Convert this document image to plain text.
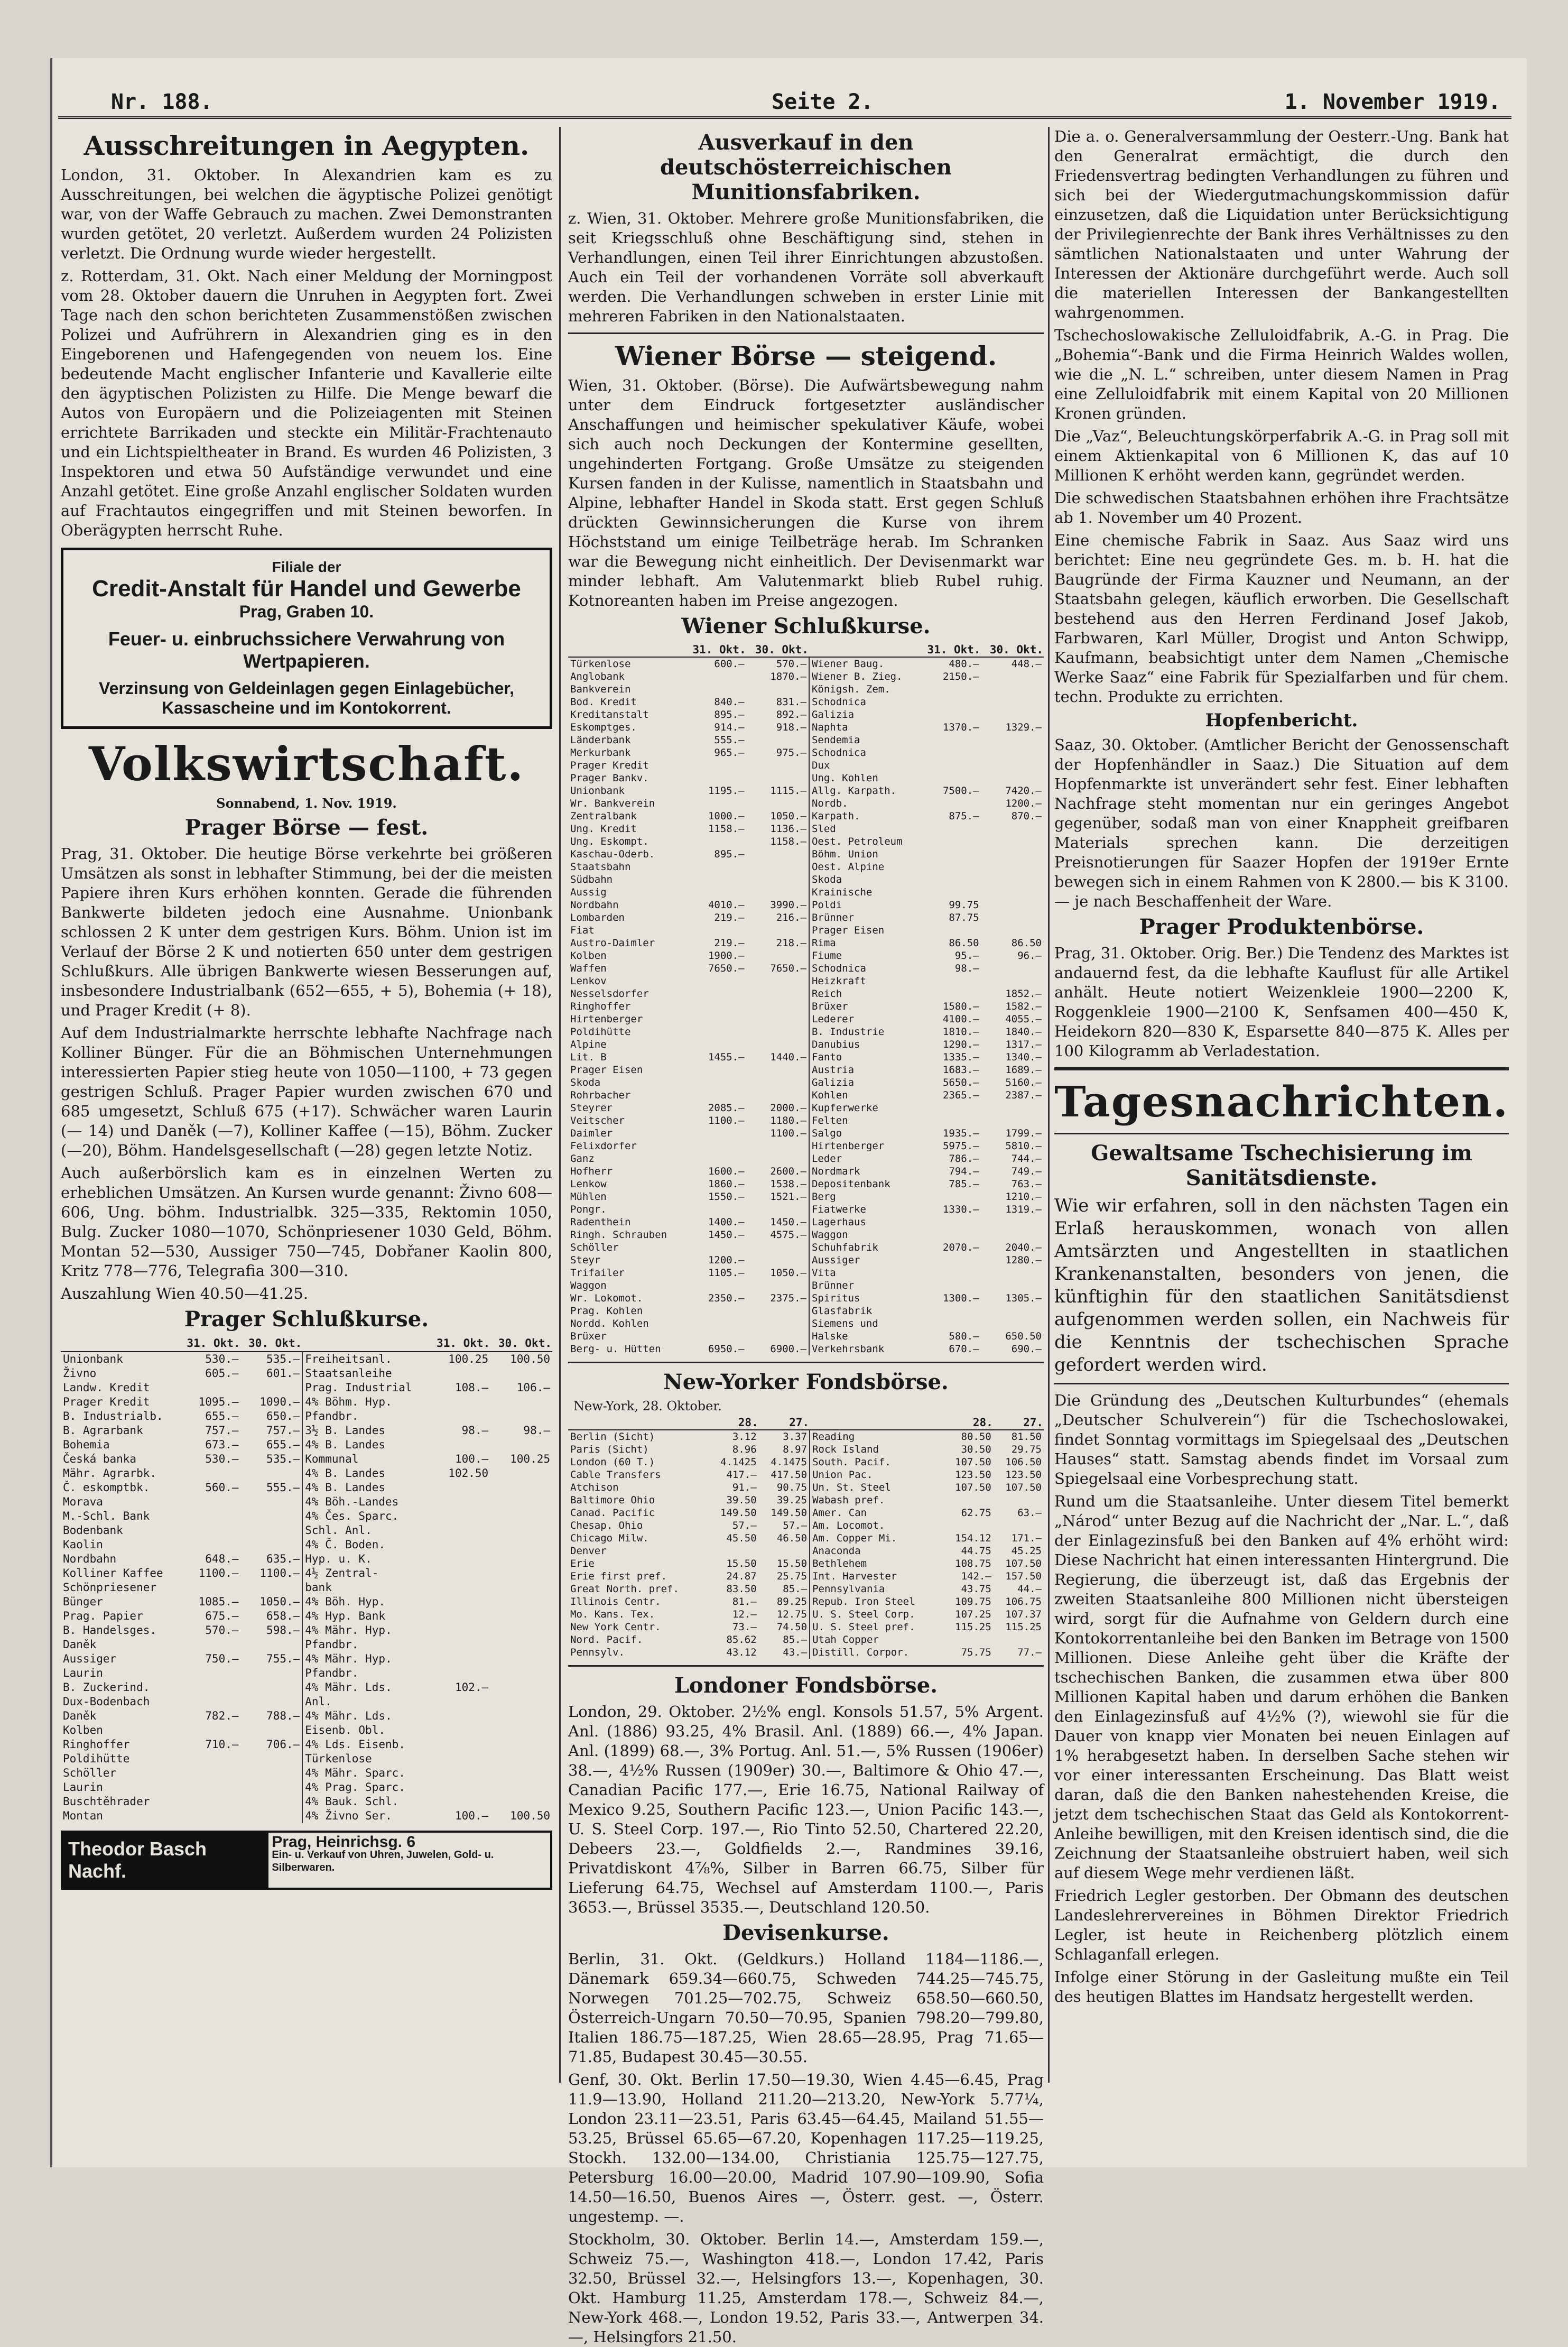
Nr. 188.	Seite 2.	1. November 1919.
Ausschreitungen in Aegypten.

London, 31. Oktober. In Alexandrien kam es zu Ausschreitungen, bei welchen die ägyptische Polizei genötigt war, von der Waffe Gebrauch zu machen. Zwei Demonstranten wurden getötet, 20 verletzt. Außerdem wurden 24 Polizisten verletzt. Die Ordnung wurde wieder hergestellt.

z. Rotterdam, 31. Okt. Nach einer Meldung der Morningpost vom 28. Oktober dauern die Unruhen in Aegypten fort. Zwei Tage nach den schon berichteten Zusammenstößen zwischen Polizei und Aufrührern in Alexandrien ging es in den Eingeborenen und Hafengegenden von neuem los. Eine bedeutende Macht englischer Infanterie und Kavallerie eilte den ägyptischen Polizisten zu Hilfe. Die Menge bewarf die Autos von Europäern und die Polizeiagenten mit Steinen errichtete Barrikaden und steckte ein Militär-Frachtenauto und ein Lichtspieltheater in Brand. Es wurden 46 Polizisten, 3 Inspektoren und etwa 50 Aufständige verwundet und eine Anzahl getötet. Eine große Anzahl englischer Soldaten wurden auf Frachtautos eingegriffen und mit Steinen beworfen. In Oberägypten herrscht Ruhe.

Filiale der
Credit-Anstalt für Handel und Gewerbe
Prag, Graben 10.
Feuer- u. einbruchssichere Verwahrung von Wertpapieren.
Verzinsung von Geldeinlagen gegen Einlagebücher, Kassascheine und im Kontokorrent.
Volkswirtschaft.
Sonnabend, 1. Nov. 1919.
Prager Börse — fest.

Prag, 31. Oktober. Die heutige Börse verkehrte bei größeren Umsätzen als sonst in lebhafter Stimmung, bei der die meisten Papiere ihren Kurs erhöhen konnten. Gerade die führenden Bankwerte bildeten jedoch eine Ausnahme. Unionbank schlossen 2 K unter dem gestrigen Kurs. Böhm. Union ist im Verlauf der Börse 2 K und notierten 650 unter dem gestrigen Schlußkurs. Alle übrigen Bankwerte wiesen Besserungen auf, insbesondere Industrialbank (652—655, + 5), Bohemia (+ 18), und Prager Kredit (+ 8).

Auf dem Industrialmarkte herrschte lebhafte Nachfrage nach Kolliner Bünger. Für die an Böhmischen Unternehmungen interessierten Papier stieg heute von 1050—1100, + 73 gegen gestrigen Schluß. Prager Papier wurden zwischen 670 und 685 umgesetzt, Schluß 675 (+17). Schwächer waren Laurin (— 14) und Daněk (—7), Kolliner Kaffee (—15), Böhm. Zucker (—20), Böhm. Handelsgesellschaft (—28) gegen letzte Notiz.

Auch außerbörslich kam es in einzelnen Werten zu erheblichen Umsätzen. An Kursen wurde genannt: Živno 608—606, Ung. böhm. Industrialbk. 325—335, Rektomin 1050, Bulg. Zucker 1080—1070, Schönpriesener 1030 Geld, Böhm. Montan 52—530, Aussiger 750—745, Dobřaner Kaolin 800, Kritz 778—776, Telegrafia 300—310.

Auszahlung Wien 40.50—41.25.

Prager Schlußkurse.
	31. Okt.	30. Okt.		31. Okt.	30. Okt.
Unionbank	530.—	535.—	Freiheitsanl.	100.25	100.50
Živno	605.—	601.—	Staatsanleihe		
Landw. Kredit			Prag. Industrial	108.—	106.—
Prager Kredit	1095.—	1090.—	4% Böhm. Hyp.		
B. Industrialb.	655.—	650.—	Pfandbr.		
B. Agrarbank	757.—	757.—	3½ B. Landes	98.—	98.—
Bohemia	673.—	655.—	4% B. Landes		
Česká banka	530.—	535.—	Kommunal	100.—	100.25
Mähr. Agrarbk.			4% B. Landes	102.50	
Č. eskomptbk.	560.—	555.—	4% B. Landes		
Morava			4% Böh.-Landes		
M.-Schl. Bank			4% Čes. Sparc.		
Bodenbank			Schl. Anl.		
Kaolin			4% Č. Boden.		
Nordbahn	648.—	635.—	Hyp. u. K.		
Kolliner Kaffee	1100.—	1100.—	4½ Zentral-		
Schönpriesener			bank		
Bünger	1085.—	1050.—	4% Böh. Hyp.		
Prag. Papier	675.—	658.—	4% Hyp. Bank		
B. Handelsges.	570.—	598.—	4% Mähr. Hyp.		
Daněk			Pfandbr.		
Aussiger	750.—	755.—	4% Mähr. Hyp.		
Laurin			Pfandbr.		
B. Zuckerind.			4% Mähr. Lds.	102.—	
Dux-Bodenbach			Anl.		
Daněk	782.—	788.—	4% Mähr. Lds.		
Kolben			Eisenb. Obl.		
Ringhoffer	710.—	706.—	4% Lds. Eisenb.		
Poldihütte			Türkenlose		
Schöller			4% Mähr. Sparc.		
Laurin			4% Prag. Sparc.		
Buschtěhrader			4% Bauk. Schl.		
Montan			4% Živno Ser.	100.—	100.50
Theodor Basch Nachf.
Prag, Heinrichsg. 6
Ein- u. Verkauf von Uhren, Juwelen, Gold- u. Silberwaren.
Ausverkauf in den deutschösterreichischen Munitionsfabriken.

z. Wien, 31. Oktober. Mehrere große Munitionsfabriken, die seit Kriegsschluß ohne Beschäftigung sind, stehen in Verhandlungen, einen Teil ihrer Einrichtungen abzustoßen. Auch ein Teil der vorhandenen Vorräte soll abverkauft werden. Die Verhandlungen schweben in erster Linie mit mehreren Fabriken in den Nationalstaaten.

Wiener Börse — steigend.

Wien, 31. Oktober. (Börse). Die Aufwärtsbewegung nahm unter dem Eindruck fortgesetzter ausländischer Anschaffungen und heimischer spekulativer Käufe, wobei sich auch noch Deckungen der Kontermine gesellten, ungehinderten Fortgang. Große Umsätze zu steigenden Kursen fanden in der Kulisse, namentlich in Staatsbahn und Alpine, lebhafter Handel in Skoda statt. Erst gegen Schluß drückten Gewinnsicherungen die Kurse von ihrem Höchststand um einige Teilbeträge herab. Im Schranken war die Bewegung nicht einheitlich. Der Devisenmarkt war minder lebhaft. Am Valutenmarkt blieb Rubel ruhig. Kotnoreanten haben im Preise angezogen.

Wiener Schlußkurse.
	31. Okt.	30. Okt.		31. Okt.	30. Okt.
Türkenlose	600.—	570.—	Wiener Baug.	480.—	448.—
Anglobank		1870.—	Wiener B. Zieg.	2150.—	
Bankverein			Königsh. Zem.		
Bod. Kredit	840.—	831.—	Schodnica		
Kreditanstalt	895.—	892.—	Galizia		
Eskomptges.	914.—	918.—	Naphta	1370.—	1329.—
Länderbank	555.—		Sendemia		
Merkurbank	965.—	975.—	Schodnica		
Prager Kredit			Dux		
Prager Bankv.			Ung. Kohlen		
Unionbank	1195.—	1115.—	Allg. Karpath.	7500.—	7420.—
Wr. Bankverein			Nordb.		1200.—
Zentralbank	1000.—	1050.—	Karpath.	875.—	870.—
Ung. Kredit	1158.—	1136.—	Sled		
Ung. Eskompt.		1158.—	Oest. Petroleum		
Kaschau-Oderb.	895.—		Böhm. Union		
Staatsbahn			Oest. Alpine		
Südbahn			Skoda		
Aussig			Krainische		
Nordbahn	4010.—	3990.—	Poldi	99.75	
Lombarden	219.—	216.—	Brünner	87.75	
Fiat			Prager Eisen		
Austro-Daimler	219.—	218.—	Rima	86.50	86.50
Kolben	1900.—		Fiume	95.—	96.—
Waffen	7650.—	7650.—	Schodnica	98.—	
Lenkov			Heizkraft		
Nesselsdorfer			Reich		1852.—
Ringhoffer			Brüxer	1580.—	1582.—
Hirtenberger			Lederer	4100.—	4055.—
Poldihütte			B. Industrie	1810.—	1840.—
Alpine			Danubius	1290.—	1317.—
Lit. B	1455.—	1440.—	Fanto	1335.—	1340.—
Prager Eisen			Austria	1683.—	1689.—
Skoda			Galizia	5650.—	5160.—
Rohrbacher			Kohlen	2365.—	2387.—
Steyrer	2085.—	2000.—	Kupferwerke		
Veitscher	1100.—	1180.—	Felten		
Daimler		1100.—	Salgo	1935.—	1799.—
Felixdorfer			Hirtenberger	5975.—	5810.—
Ganz			Leder	786.—	744.—
Hofherr	1600.—	2600.—	Nordmark	794.—	749.—
Lenkow	1860.—	1538.—	Depositenbank	785.—	763.—
Mühlen	1550.—	1521.—	Berg		1210.—
Pongr.			Fiatwerke	1330.—	1319.—
Radenthein	1400.—	1450.—	Lagerhaus		
Ringh. Schrauben	1450.—	4575.—	Waggon		
Schöller			Schuhfabrik	2070.—	2040.—
Steyr	1200.—		Aussiger		1280.—
Trifailer	1105.—	1050.—	Vita		
Waggon			Brünner		
Wr. Lokomot.	2350.—	2375.—	Spiritus	1300.—	1305.—
Prag. Kohlen			Glasfabrik		
Nordd. Kohlen			Siemens und		
Brüxer			Halske	580.—	650.50
Berg- u. Hütten	6950.—	6900.—	Verkehrsbank	670.—	690.—
New-Yorker Fondsbörse.
New-York, 28. Oktober.
	28.	27.		28.	27.
Berlin (Sicht)	3.12	3.37	Reading	80.50	81.50
Paris (Sicht)	8.96	8.97	Rock Island	30.50	29.75
London (60 T.)	4.1425	4.1475	South. Pacif.	107.50	106.50
Cable Transfers	417.—	417.50	Union Pac.	123.50	123.50
Atchison	91.—	90.75	Un. St. Steel	107.50	107.50
Baltimore Ohio	39.50	39.25	Wabash pref.		
Canad. Pacific	149.50	149.50	Amer. Can	62.75	63.—
Chesap. Ohio	57.—	57.—	Am. Locomot.		
Chicago Milw.	45.50	46.50	Am. Copper Mi.	154.12	171.—
Denver			Anaconda	44.75	45.25
Erie	15.50	15.50	Bethlehem	108.75	107.50
Erie first pref.	24.87	25.75	Int. Harvester	142.—	157.50
Great North. pref.	83.50	85.—	Pennsylvania	43.75	44.—
Illinois Centr.	81.—	89.25	Repub. Iron Steel	109.75	106.75
Mo. Kans. Tex.	12.—	12.75	U. S. Steel Corp.	107.25	107.37
New York Centr.	73.—	74.50	U. S. Steel pref.	115.25	115.25
Nord. Pacif.	85.62	85.—	Utah Copper		
Pennsylv.	43.12	43.—	Distill. Corpor.	75.75	77.—
Londoner Fondsbörse.

London, 29. Oktober. 2½% engl. Konsols 51.57, 5% Argent. Anl. (1886) 93.25, 4% Brasil. Anl. (1889) 66.—, 4% Japan. Anl. (1899) 68.—, 3% Portug. Anl. 51.—, 5% Russen (1906er) 38.—, 4½% Russen (1909er) 30.—, Baltimore & Ohio 47.—, Canadian Pacific 177.—, Erie 16.75, National Railway of Mexico 9.25, Southern Pacific 123.—, Union Pacific 143.—, U. S. Steel Corp. 197.—, Rio Tinto 52.50, Chartered 22.20, Debeers 23.—, Goldfields 2.—, Randmines 39.16, Privatdiskont 4⅞%, Silber in Barren 66.75, Silber für Lieferung 64.75, Wechsel auf Amsterdam 1100.—, Paris 3653.—, Brüssel 3535.—, Deutschland 120.50.

Devisenkurse.

Berlin, 31. Okt. (Geldkurs.) Holland 1184—1186.—, Dänemark 659.34—660.75, Schweden 744.25—745.75, Norwegen 701.25—702.75, Schweiz 658.50—660.50, Österreich-Ungarn 70.50—70.95, Spanien 798.20—799.80, Italien 186.75—187.25, Wien 28.65—28.95, Prag 71.65—71.85, Budapest 30.45—30.55.

Genf, 30. Okt. Berlin 17.50—19.30, Wien 4.45—6.45, Prag 11.9—13.90, Holland 211.20—213.20, New-York 5.77¼, London 23.11—23.51, Paris 63.45—64.45, Mailand 51.55—53.25, Brüssel 65.65—67.20, Kopenhagen 117.25—119.25, Stockh. 132.00—134.00, Christiania 125.75—127.75, Petersburg 16.00—20.00, Madrid 107.90—109.90, Sofia 14.50—16.50, Buenos Aires —, Österr. gest. —, Österr. ungestemp. —.

Stockholm, 30. Oktober. Berlin 14.—, Amsterdam 159.—, Schweiz 75.—, Washington 418.—, London 17.42, Paris 32.50, Brüssel 32.—, Helsingfors 13.—, Kopenhagen, 30. Okt. Hamburg 11.25, Amsterdam 178.—, Schweiz 84.—, New-York 468.—, London 19.52, Paris 33.—, Antwerpen 34.—, Helsingfors 21.50.

Die a. o. Generalversammlung der Oesterr.-Ung. Bank hat den Generalrat ermächtigt, die durch den Friedensvertrag bedingten Verhandlungen zu führen und sich bei der Wiedergutmachungskommission dafür einzusetzen, daß die Liquidation unter Berücksichtigung der Privilegienrechte der Bank ihres Verhältnisses zu den sämtlichen Nationalstaaten und unter Wahrung der Interessen der Aktionäre durchgeführt werde. Auch soll die materiellen Interessen der Bankangestellten wahrgenommen.

Tschechoslowakische Zelluloidfabrik, A.-G. in Prag. Die „Bohemia“-Bank und die Firma Heinrich Waldes wollen, wie die „N. L.“ schreiben, unter diesem Namen in Prag eine Zelluloidfabrik mit einem Kapital von 20 Millionen Kronen gründen.

Die „Vaz“, Beleuchtungskörperfabrik A.-G. in Prag soll mit einem Aktienkapital von 6 Millionen K, das auf 10 Millionen K erhöht werden kann, gegründet werden.

Die schwedischen Staatsbahnen erhöhen ihre Frachtsätze ab 1. November um 40 Prozent.

Eine chemische Fabrik in Saaz. Aus Saaz wird uns berichtet: Eine neu gegründete Ges. m. b. H. hat die Baugründe der Firma Kauzner und Neumann, an der Staatsbahn gelegen, käuflich erworben. Die Gesellschaft bestehend aus den Herren Ferdinand Josef Jakob, Farbwaren, Karl Müller, Drogist und Anton Schwipp, Kaufmann, beabsichtigt unter dem Namen „Chemische Werke Saaz“ eine Fabrik für Spezialfarben und für chem. techn. Produkte zu errichten.

Hopfenbericht.

Saaz, 30. Oktober. (Amtlicher Bericht der Genossenschaft der Hopfenhändler in Saaz.) Die Situation auf dem Hopfenmarkte ist unverändert sehr fest. Einer lebhaften Nachfrage steht momentan nur ein geringes Angebot gegenüber, sodaß man von einer Knappheit greifbaren Materials sprechen kann. Die derzeitigen Preisnotierungen für Saazer Hopfen der 1919er Ernte bewegen sich in einem Rahmen von K 2800.— bis K 3100.— je nach Beschaffenheit der Ware.

Prager Produktenbörse.

Prag, 31. Oktober. Orig. Ber.) Die Tendenz des Marktes ist andauernd fest, da die lebhafte Kauflust für alle Artikel anhält. Heute notiert Weizenkleie 1900—2200 K, Roggenkleie 1900—2100 K, Senfsamen 400—450 K, Heidekorn 820—830 K, Esparsette 840—875 K. Alles per 100 Kilogramm ab Verladestation.

Tagesnachrichten.
Gewaltsame Tschechisierung im Sanitätsdienste.

Wie wir erfahren, soll in den nächsten Tagen ein Erlaß herauskommen, wonach von allen Amtsärzten und Angestellten in staatlichen Krankenanstalten, besonders von jenen, die künftighin für den staatlichen Sanitätsdienst aufgenommen werden sollen, ein Nachweis für die Kenntnis der tschechischen Sprache gefordert werden wird.

Die Gründung des „Deutschen Kulturbundes“ (ehemals „Deutscher Schulverein“) für die Tschechoslowakei, findet Sonntag vormittags im Spiegelsaal des „Deutschen Hauses“ statt. Samstag abends findet im Vorsaal zum Spiegelsaal eine Vorbesprechung statt.

Rund um die Staatsanleihe. Unter diesem Titel bemerkt „Národ“ unter Bezug auf die Nachricht der „Nar. L.“, daß der Einlagezinsfuß bei den Banken auf 4% erhöht wird: Diese Nachricht hat einen interessanten Hintergrund. Die Regierung, die überzeugt ist, daß das Ergebnis der zweiten Staatsanleihe 800 Millionen nicht übersteigen wird, sorgt für die Aufnahme von Geldern durch eine Kontokorrentanleihe bei den Banken im Betrage von 1500 Millionen. Diese Anleihe geht über die Kräfte der tschechischen Banken, die zusammen etwa über 800 Millionen Kapital haben und darum erhöhen die Banken den Einlagezinsfuß auf 4½% (?), wiewohl sie für die Dauer von knapp vier Monaten bei neuen Einlagen auf 1% herabgesetzt haben. In derselben Sache stehen wir vor einer interessanten Erscheinung. Das Blatt weist daran, daß die den Banken nahestehenden Kreise, die jetzt dem tschechischen Staat das Geld als Kontokorrent-Anleihe bewilligen, mit den Kreisen identisch sind, die die Zeichnung der Staatsanleihe obstruiert haben, weil sich auf diesem Wege mehr verdienen läßt.

Friedrich Legler gestorben. Der Obmann des deutschen Landeslehrervereines in Böhmen Direktor Friedrich Legler, ist heute in Reichenberg plötzlich einem Schlaganfall erlegen.

Infolge einer Störung in der Gasleitung mußte ein Teil des heutigen Blattes im Handsatz hergestellt werden.
